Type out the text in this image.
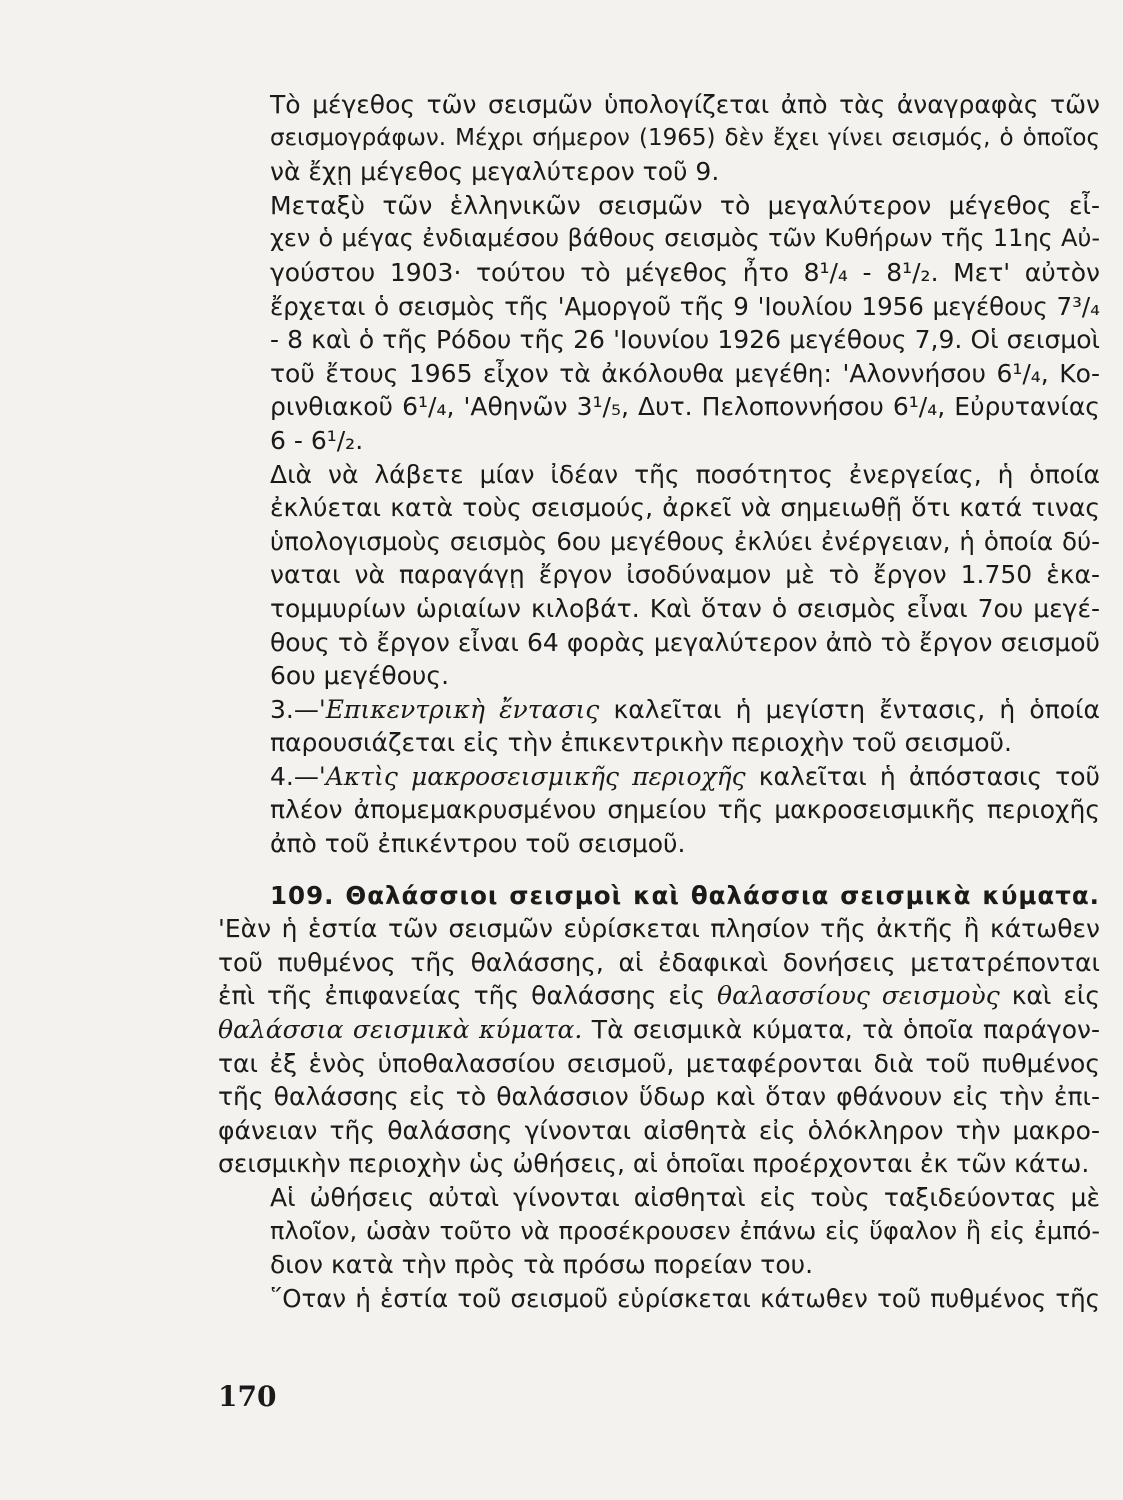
Τὸ μέγεθος τῶν σεισμῶν ὑπολογίζεται ἀπὸ τὰς ἀναγραφὰς τῶν
σεισμογράφων. Μέχρι σήμερον (1965) δὲν ἔχει γίνει σεισμός, ὁ ὁποῖος
νὰ ἔχῃ μέγεθος μεγαλύτερον τοῦ 9.

Μεταξὺ τῶν ἑλληνικῶν σεισμῶν τὸ μεγαλύτερον μέγεθος εἶ-
χεν ὁ μέγας ἐνδιαμέσου βάθους σεισμὸς τῶν Κυθήρων τῆς 11ης Αὐ-
γούστου 1903· τούτου τὸ μέγεθος ἦτο 8¹/₄ - 8¹/₂. Μετ' αὐτὸν
ἔρχεται ὁ σεισμὸς τῆς 'Αμοργοῦ τῆς 9 'Ιουλίου 1956 μεγέθους 7³/₄
- 8 καὶ ὁ τῆς Ρόδου τῆς 26 'Ιουνίου 1926 μεγέθους 7,9. Οἱ σεισμοὶ
τοῦ ἔτους 1965 εἶχον τὰ ἀκόλουθα μεγέθη: 'Αλοννήσου 6¹/₄, Κο-
ρινθιακοῦ 6¹/₄, 'Αθηνῶν 3¹/₅, Δυτ. Πελοποννήσου 6¹/₄, Εὐρυτανίας
6 - 6¹/₂.

Διὰ νὰ λάβετε μίαν ἰδέαν τῆς ποσότητος ἐνεργείας, ἡ ὁποία
ἐκλύεται κατὰ τοὺς σεισμούς, ἀρκεῖ νὰ σημειωθῇ ὅτι κατά τινας
ὑπολογισμοὺς σεισμὸς 6ου μεγέθους ἐκλύει ἐνέργειαν, ἡ ὁποία δύ-
ναται νὰ παραγάγῃ ἔργον ἰσοδύναμον μὲ τὸ ἔργον 1.750 ἑκα-
τομμυρίων ὡριαίων κιλοβάτ. Καὶ ὅταν ὁ σεισμὸς εἶναι 7ου μεγέ-
θους τὸ ἔργον εἶναι 64 φορὰς μεγαλύτερον ἀπὸ τὸ ἔργον σεισμοῦ
6ου μεγέθους.

3.—'Επικεντρικὴ ἔντασις καλεῖται ἡ μεγίστη ἔντασις, ἡ ὁποία
παρουσιάζεται εἰς τὴν ἐπικεντρικὴν περιοχὴν τοῦ σεισμοῦ.

4.—'Ακτὶς μακροσεισμικῆς περιοχῆς καλεῖται ἡ ἀπόστασις τοῦ
πλέον ἀπομεμακρυσμένου σημείου τῆς μακροσεισμικῆς περιοχῆς
ἀπὸ τοῦ ἐπικέντρου τοῦ σεισμοῦ.

109. Θαλάσσιοι σεισμοὶ καὶ θαλάσσια σεισμικὰ κύματα.
'Εὰν ἡ ἑστία τῶν σεισμῶν εὑρίσκεται πλησίον τῆς ἀκτῆς ἢ κάτωθεν
τοῦ πυθμένος τῆς θαλάσσης, αἱ ἐδαφικαὶ δονήσεις μετατρέπονται
ἐπὶ τῆς ἐπιφανείας τῆς θαλάσσης εἰς θαλασσίους σεισμοὺς καὶ εἰς
θαλάσσια σεισμικὰ κύματα. Τὰ σεισμικὰ κύματα, τὰ ὁποῖα παράγον-
ται ἐξ ἑνὸς ὑποθαλασσίου σεισμοῦ, μεταφέρονται διὰ τοῦ πυθμένος
τῆς θαλάσσης εἰς τὸ θαλάσσιον ὕδωρ καὶ ὅταν φθάνουν εἰς τὴν ἐπι-
φάνειαν τῆς θαλάσσης γίνονται αἰσθητὰ εἰς ὁλόκληρον τὴν μακρο-
σεισμικὴν περιοχὴν ὡς ὠθήσεις, αἱ ὁποῖαι προέρχονται ἐκ τῶν κάτω.

Αἱ ὠθήσεις αὐταὶ γίνονται αἰσθηταὶ εἰς τοὺς ταξιδεύοντας μὲ
πλοῖον, ὡσὰν τοῦτο νὰ προσέκρουσεν ἐπάνω εἰς ὕφαλον ἢ εἰς ἐμπό-
διον κατὰ τὴν πρὸς τὰ πρόσω πορείαν του.

῞Οταν ἡ ἑστία τοῦ σεισμοῦ εὑρίσκεται κάτωθεν τοῦ πυθμένος τῆς

170
